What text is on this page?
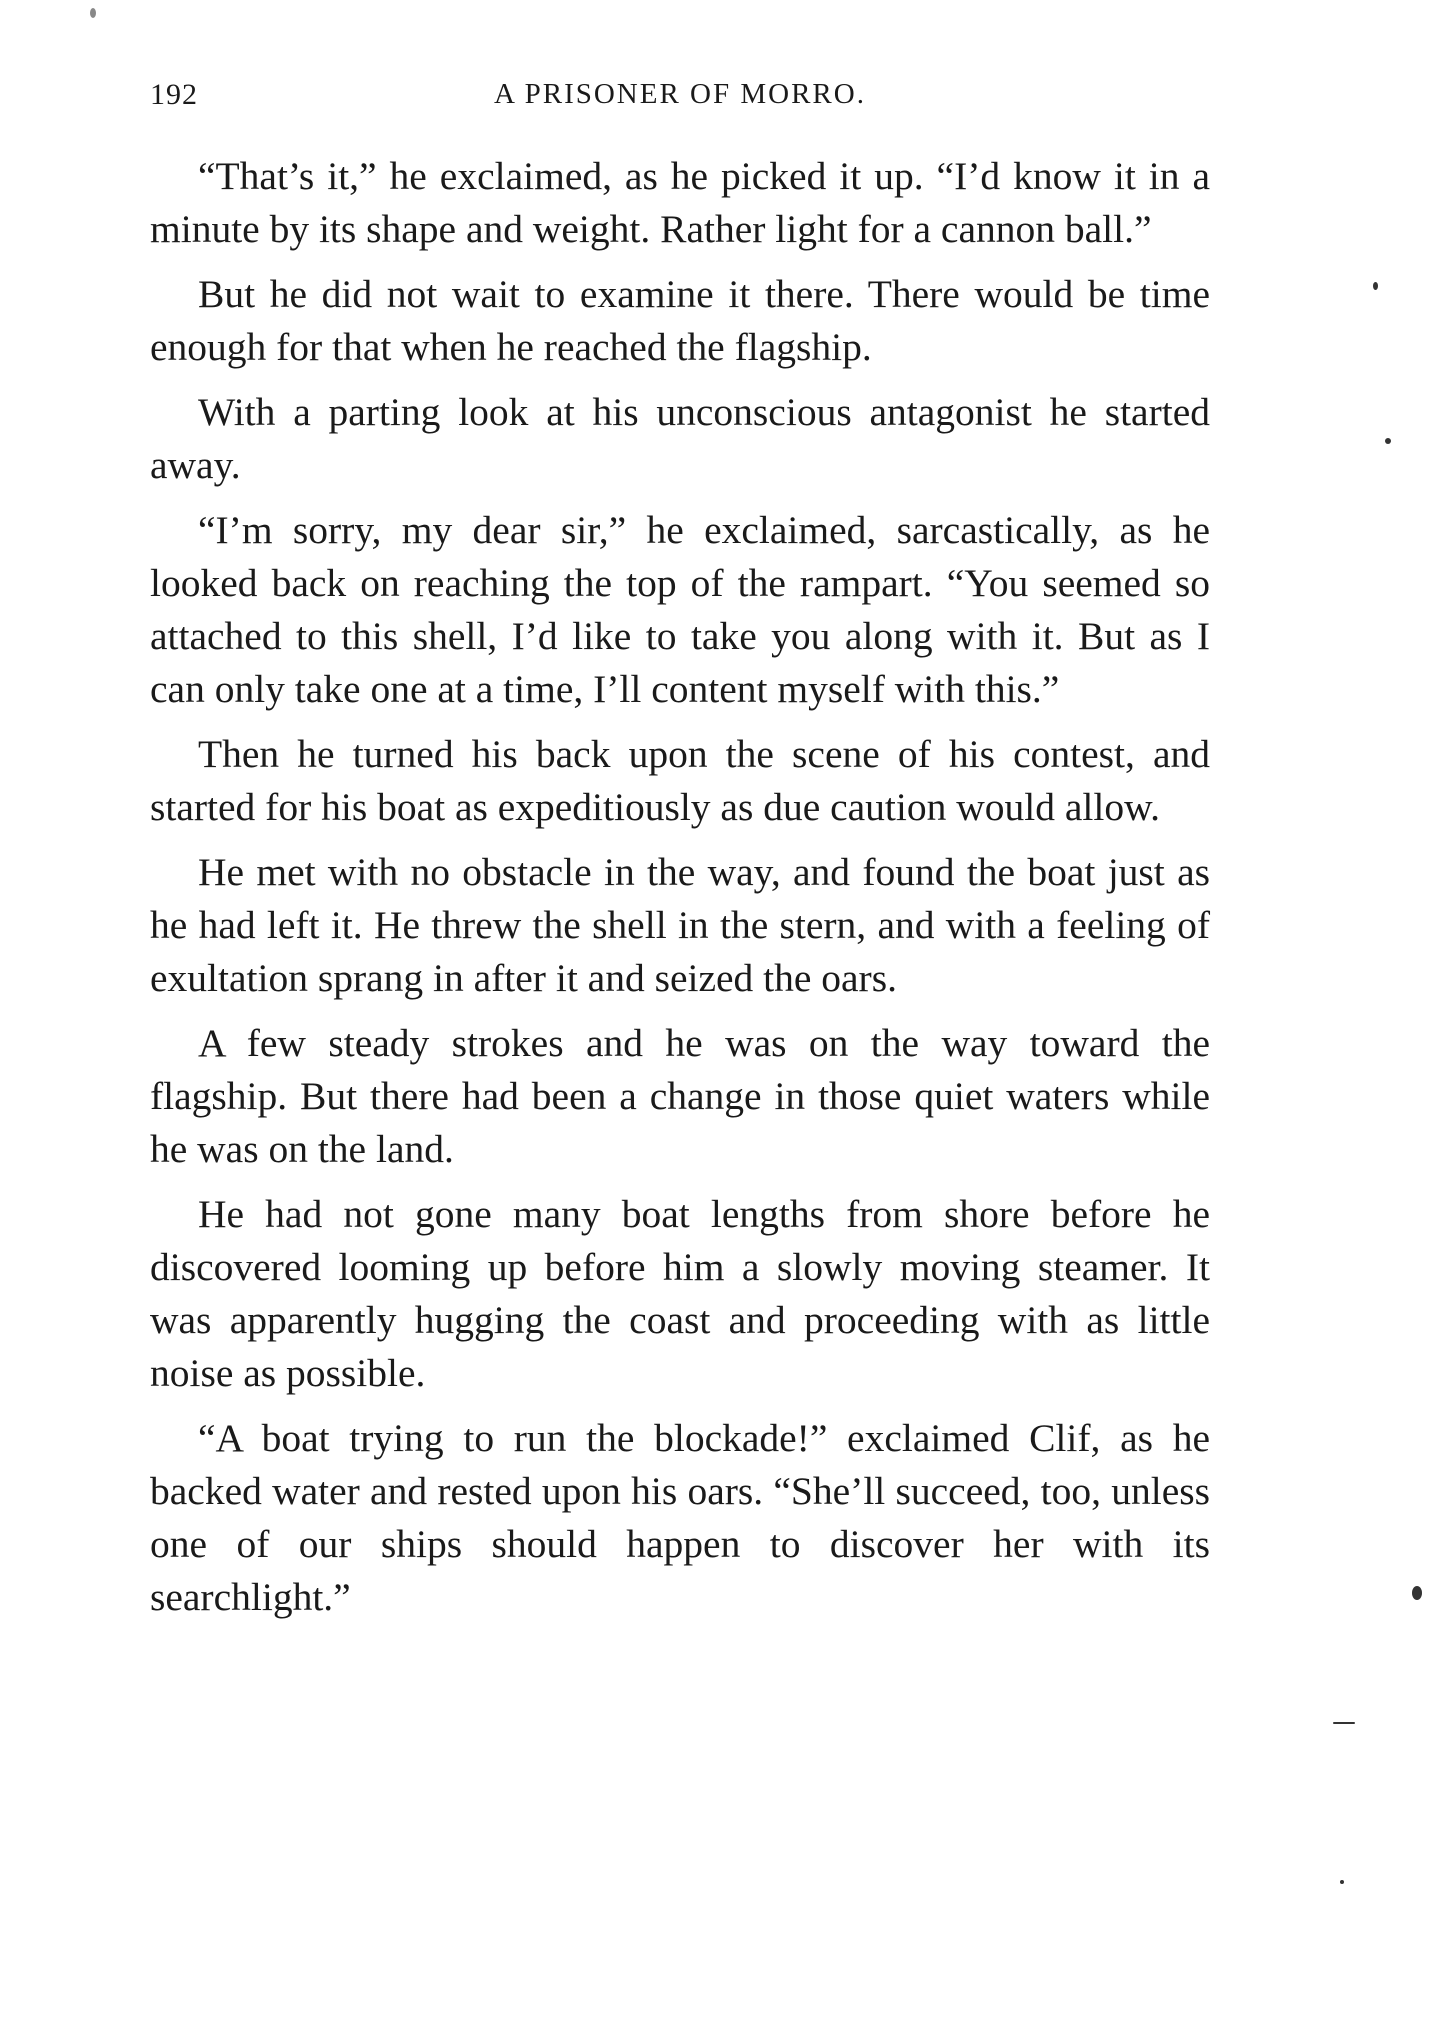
192	A PRISONER OF MORRO.

“That’s it,” he exclaimed, as he picked it up. “I’d know it in a minute by its shape and weight. Rather light for a cannon ball.”

But he did not wait to examine it there. There would be time enough for that when he reached the flagship.

With a parting look at his unconscious antagonist he started away.

“I’m sorry, my dear sir,” he exclaimed, sarcastically, as he looked back on reaching the top of the rampart. “You seemed so attached to this shell, I’d like to take you along with it. But as I can only take one at a time, I’ll content myself with this.”

Then he turned his back upon the scene of his contest, and started for his boat as expeditiously as due caution would allow.

He met with no obstacle in the way, and found the boat just as he had left it. He threw the shell in the stern, and with a feeling of exultation sprang in after it and seized the oars.

A few steady strokes and he was on the way toward the flagship. But there had been a change in those quiet waters while he was on the land.

He had not gone many boat lengths from shore before he discovered looming up before him a slowly moving steamer. It was apparently hugging the coast and proceeding with as little noise as possible.

“A boat trying to run the blockade!” exclaimed Clif, as he backed water and rested upon his oars. “She’ll succeed, too, unless one of our ships should happen to discover her with its searchlight.”
